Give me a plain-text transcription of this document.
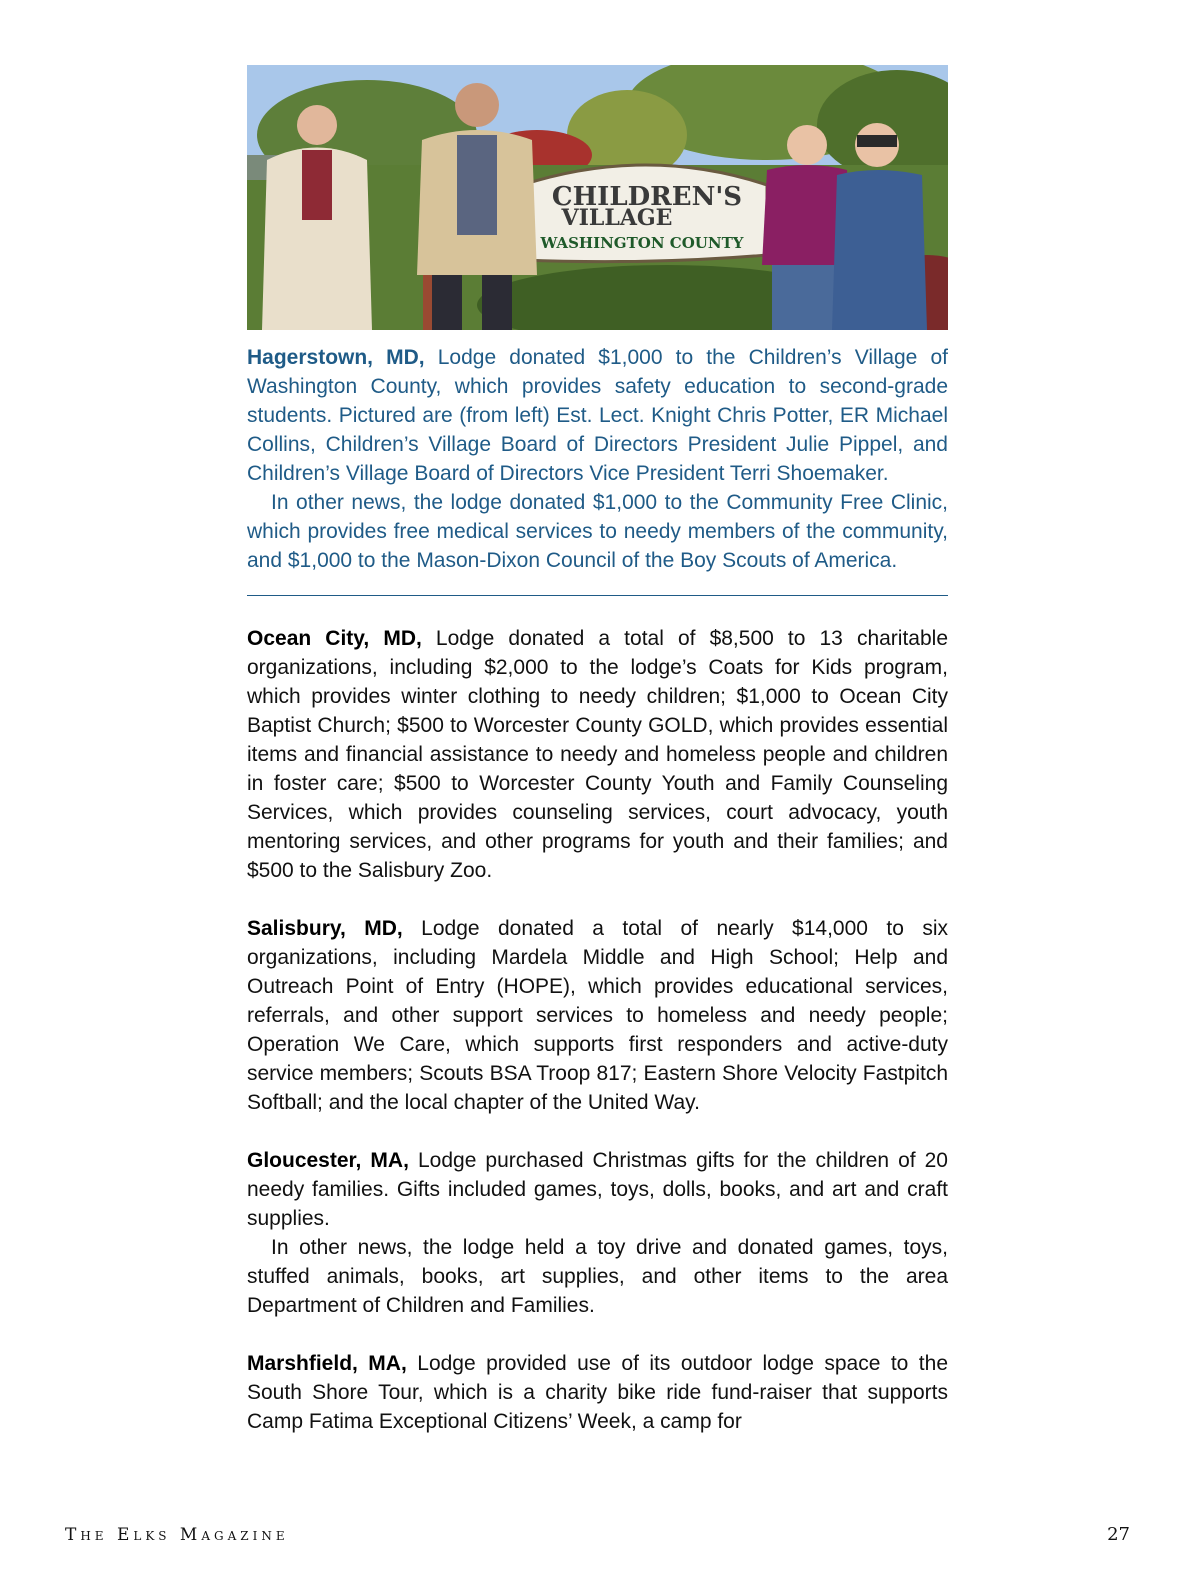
CHILDREN'S
VILLAGE
WASHINGTON COUNTY

Hagerstown, MD, Lodge donated $1,000 to the Children’s Village of Washington County, which provides safety education to second-grade students. Pictured are (from left) Est. Lect. Knight Chris Potter, ER Michael Collins, Children’s Village Board of Directors President Julie Pippel, and Children’s Village Board of Directors Vice President Terri Shoemaker.

In other news, the lodge donated $1,000 to the Community Free Clinic, which provides free medical services to needy members of the community, and $1,000 to the Mason-Dixon Council of the Boy Scouts of America.

Ocean City, MD, Lodge donated a total of $8,500 to 13 charitable organizations, including $2,000 to the lodge’s Coats for Kids program, which provides winter clothing to needy children; $1,000 to Ocean City Baptist Church; $500 to Worcester County GOLD, which provides essential items and financial assistance to needy and homeless people and children in foster care; $500 to Worcester County Youth and Family Counseling Services, which provides counseling services, court advocacy, youth mentoring services, and other programs for youth and their families; and $500 to the Salisbury Zoo.

Salisbury, MD, Lodge donated a total of nearly $14,000 to six organizations, including Mardela Middle and High School; Help and Outreach Point of Entry (HOPE), which provides educational services, referrals, and other support services to homeless and needy people; Operation We Care, which supports first responders and active-duty service members; Scouts BSA Troop 817; Eastern Shore Velocity Fastpitch Softball; and the local chapter of the United Way.

Gloucester, MA, Lodge purchased Christmas gifts for the children of 20 needy families. Gifts included games, toys, dolls, books, and art and craft supplies.

In other news, the lodge held a toy drive and donated games, toys, stuffed animals, books, art supplies, and other items to the area Department of Children and Families.

Marshfield, MA, Lodge provided use of its outdoor lodge space to the South Shore Tour, which is a charity bike ride fund-raiser that supports Camp Fatima Exceptional Citizens’ Week, a camp for

The Elks Magazine	27
